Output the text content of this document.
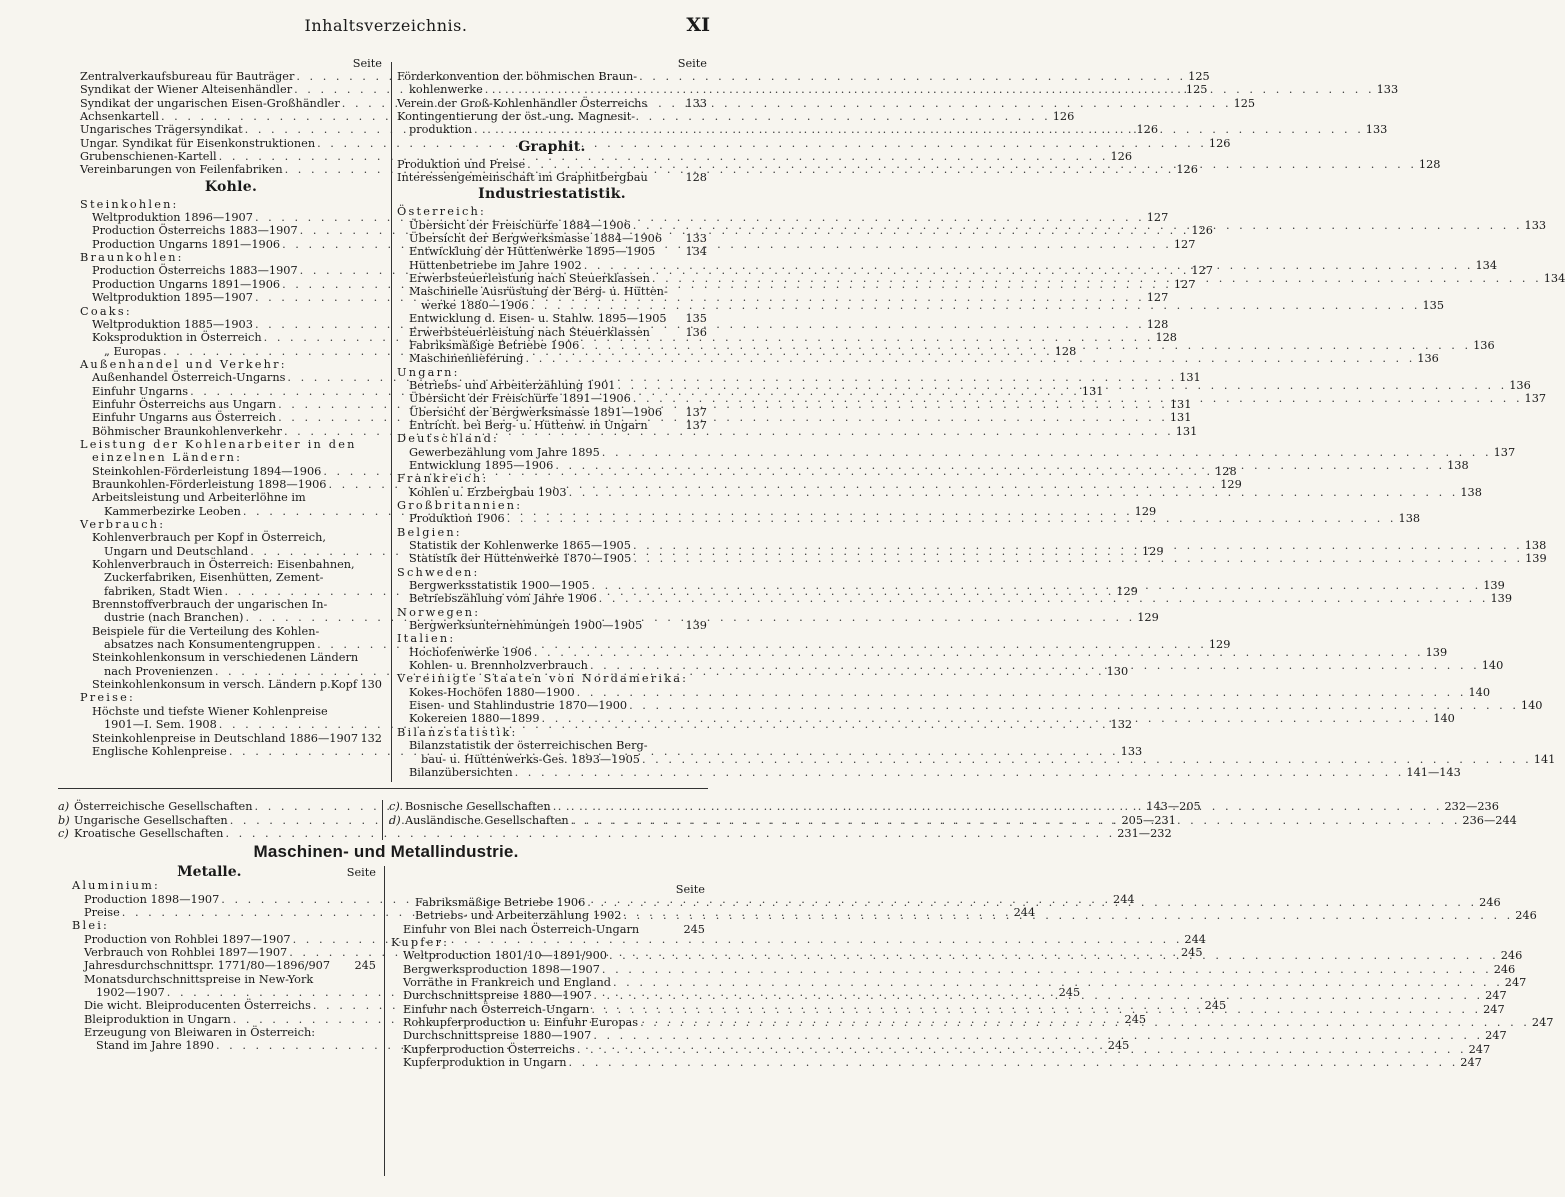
Inhaltsverzeichnis.	XI
Seite
Zentralverkaufsbureau für Bauträger . . .	125
Syndikat der Wiener Alteisenhändler . . .	125
Syndikat der ungarischen Eisen-Großhändler . . .	125
Achsenkartell . . .	126
Ungarisches Trägersyndikat . . .	126
Ungar. Syndikat für Eisenkonstruktionen . . .	126
Grubenschienen-Kartell . . .	126
Vereinbarungen von Feilenfabriken . . .	126
Kohle.
Steinkohlen:
Weltproduktion 1896—1907 . . .	127
Production Österreichs 1883—1907 . . .	126
Production Ungarns 1891—1906 . . .	127
Braunkohlen:
Production Österreichs 1883—1907 . . .	127
Production Ungarns 1891—1906 . . .	127
Weltproduktion 1895—1907 . . .	127
Coaks:
Weltproduktion 1885—1903 . . .	128
Koksproduktion in Österreich . . .	128
„ Europas . . .	128
Außenhandel und Verkehr:
Außenhandel Österreich-Ungarns . . .	131
Einfuhr Ungarns . . .	131
Einfuhr Österreichs aus Ungarn . . .	131
Einfuhr Ungarns aus Österreich . . .	131
Böhmischer Braunkohlenverkehr . . .	131
Leistung der Kohlenarbeiter in den
einzelnen Ländern:
Steinkohlen-Förderleistung 1894—1906 . . .	128
Braunkohlen-Förderleistung 1898—1906 . . .	129
Arbeitsleistung und Arbeiterlöhne im
Kammerbezirke Leoben . . .	129
Verbrauch:
Kohlenverbrauch per Kopf in Österreich,
Ungarn und Deutschland . . .	129
Kohlenverbrauch in Österreich: Eisenbahnen,
Zuckerfabriken, Eisenhütten, Zement-
fabriken, Stadt Wien . . .	129
Brennstoffverbrauch der ungarischen In-
dustrie (nach Branchen) . . .	129
Beispiele für die Verteilung des Kohlen-
absatzes nach Konsumentengruppen . . .	129
Steinkohlenkonsum in verschiedenen Ländern
nach Provenienzen . . .	130
Steinkohlenkonsum in versch. Ländern p.Kopf 130
Preise:
Höchste und tiefste Wiener Kohlenpreise
1901—I. Sem. 1908 . . .	132
Steinkohlenpreise in Deutschland 1886—1907 132
Englische Kohlenpreise . . .	133
Seite
Förderkonvention der böhmischen Braun-
kohlenwerke . . .	133
Verein der Groß-Kohlenhändler Österreichs	133
Kontingentierung der öst.-ung. Magnesit-
produktion . . .	133
Graphit.
Produktion und Preise . . .	128
Interessengemeinschaft im Graphitbergbau	128
Industriestatistik.
Österreich:
Übersicht der Freischürfe 1884—1906 . . .	133
Übersicht der Bergwerksmasse 1884—1906 133
Entwicklung der Hüttenwerke 1895—1905	134
Hüttenbetriebe im Jahre 1902 . . .	134
Erwerbsteuerleistung nach Steuerklassen . . .	134
Maschinelle Ausrüstung der Berg- u. Hütten-
werke 1880—1906 . . .	135
Entwicklung d. Eisen- u. Stahlw. 1895—1905 135
Erwerbsteuerleistung nach Steuerklassen	136
Fabriksmäßige Betriebe 1906 . . .	136
Maschinenlieferung . . .	136
Ungarn:
Betriebs- und Arbeiterzählung 1901 . . .	136
Übersicht der Freischürfe 1891—1906 . . .	137
Übersicht der Bergwerksmasse 1891—1906 137
Entricht. bei Berg- u. Hüttenw. in Ungarn	137
Deutschland:
Gewerbezählung vom Jahre 1895 . . .	137
Entwicklung 1895—1906 . . .	138
Frankreich:
Kohlen u. Erzbergbau 1903 . . .	138
Großbritannien:
Produktion 1906 . . .	138
Belgien:
Statistik der Kohlenwerke 1865—1905 . . .	138
Statistik der Hüttenwerke 1870—1905 . . .	139
Schweden:
Bergwerksstatistik 1900—1905 . . .	139
Betriebszählung vom Jahre 1906 . . .	139
Norwegen:
Bergwerksunternehmungen 1900—1905	139
Italien:
Hochofenwerke 1906 . . .	139
Kohlen- u. Brennholzverbrauch . . .	140
Vereinigte Staaten von Nordamerika:
Kokes-Hochöfen 1880—1900 . . .	140
Eisen- und Stahlindustrie 1870—1900 . . .	140
Kokereien 1880—1899 . . .	140
Bilanzstatistik:
Bilanzstatistik der österreichischen Berg-
bau- u. Hüttenwerks-Ges. 1893—1905 . . .	141
Bilanzübersichten . . .	141—143
a) Österreichische Gesellschaften . . .	143—205
b) Ungarische Gesellschaften . . .	205—231
c) Kroatische Gesellschaften . . .	231—232
c) Bosnische Gesellschaften . . .	232—236
d) Ausländische Gesellschaften . . .	236—244
Maschinen- und Metallindustrie.
Metalle.	Seite
Aluminium:
Production 1898—1907 . . .	244
Preise . . .	244
Blei:
Production von Rohblei 1897—1907 . . .	244
Verbrauch von Rohblei 1897—1907 . . .	245
Jahresdurchschnittspr. 1771/80—1896/907 245
Monatsdurchschnittspreise in New-York
1902—1907 . . .	245
Die wicht. Bleiproducenten Österreichs . . .	245
Bleiproduktion in Ungarn . . .	245
Erzeugung von Bleiwaren in Österreich:
Stand im Jahre 1890 . . .	245
Seite
Fabriksmäßige Betriebe 1906 . . .	246
Betriebs- und Arbeiterzählung 1902 . . .	246
Einfuhr von Blei nach Österreich-Ungarn	245
Kupfer:
Weltproduction 1801/10—1891/900 . . .	246
Bergwerksproduction 1898—1907 . . .	246
Vorräthe in Frankreich und England . . .	247
Durchschnittspreise 1880—1907 . . .	247
Einfuhr nach Österreich-Ungarn . . .	247
Rohkupferproduction u. Einfuhr Europas . . .	247
Durchschnittspreise 1880—1907 . . .	247
Kupferproduction Österreichs . . .	247
Kupferproduktion in Ungarn . . .	247
